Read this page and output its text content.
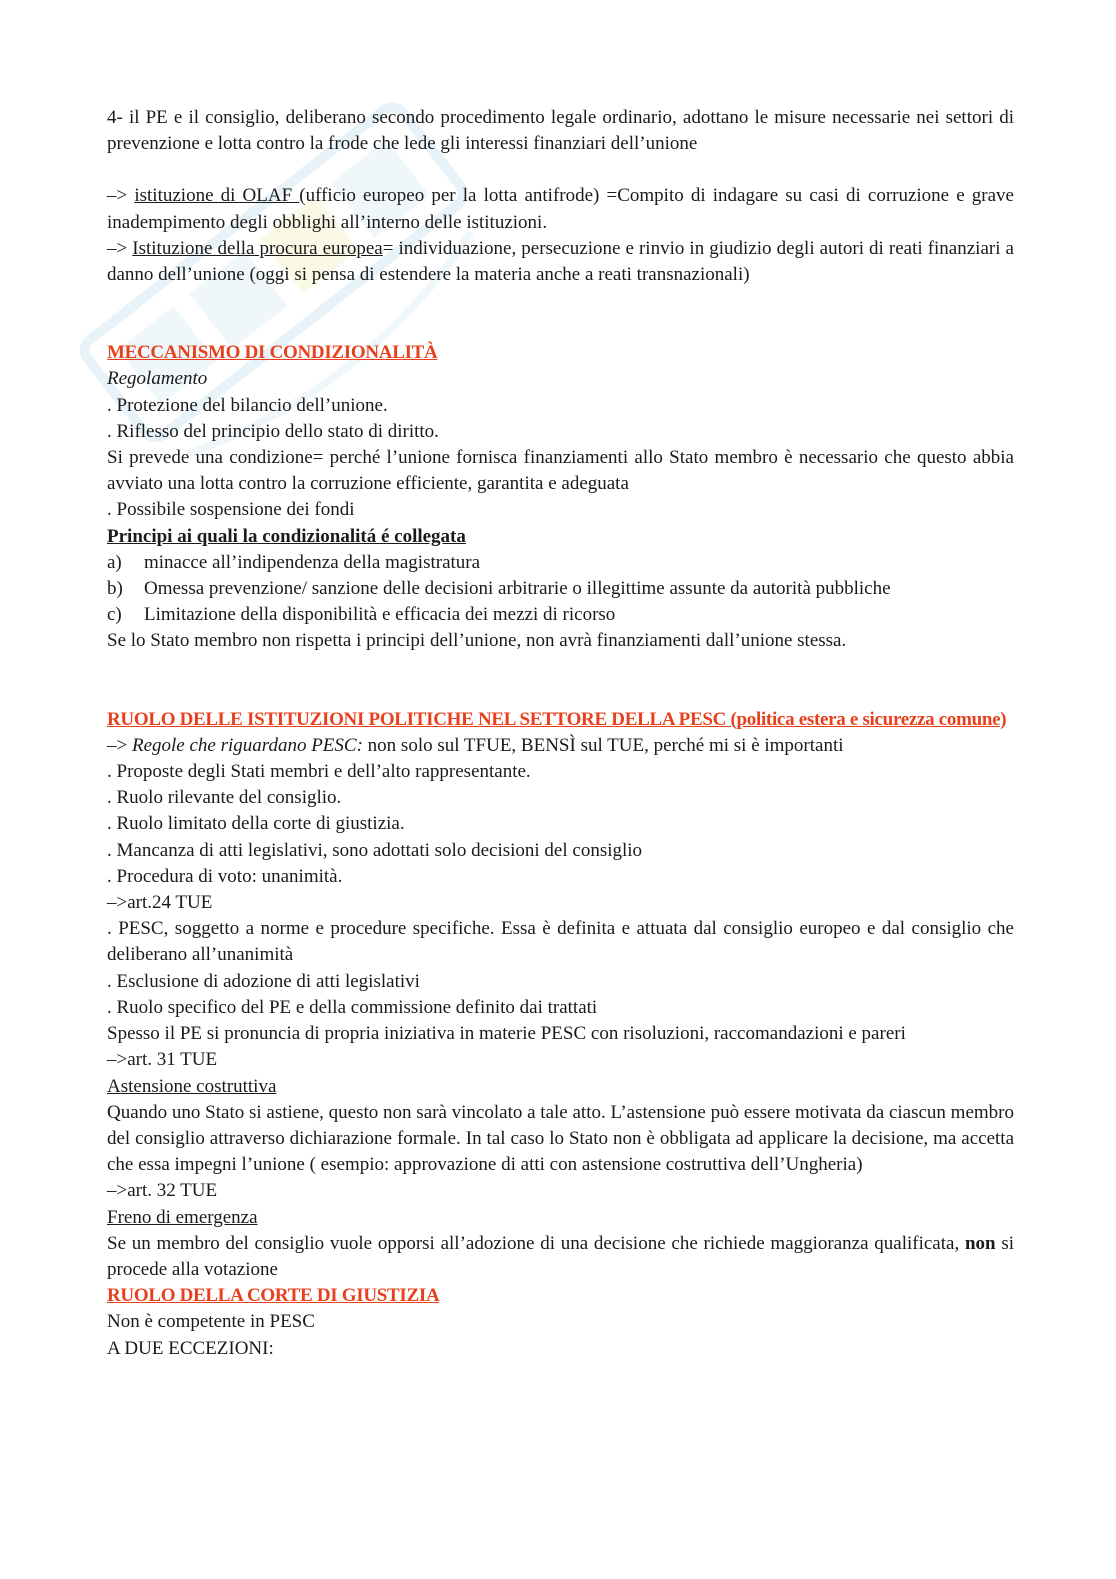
4- il PE e il consiglio, deliberano secondo procedimento legale ordinario, adottano le misure necessarie nei settori di prevenzione e lotta contro la frode che lede gli interessi finanziari dell’unione

–> istituzione di OLAF (ufficio europeo per la lotta antifrode) =Compito di indagare su casi di corruzione e grave inadempimento degli obblighi all’interno delle istituzioni.

–> Istituzione della procura europea= individuazione, persecuzione e rinvio in giudizio degli autori di reati finanziari a danno dell’unione (oggi si pensa di estendere la materia anche a reati transnazionali)

MECCANISMO DI CONDIZIONALITÀ

Regolamento

. Protezione del bilancio dell’unione.

. Riflesso del principio dello stato di diritto.

Si prevede una condizione= perché l’unione fornisca finanziamenti allo Stato membro è necessario che questo abbia avviato una lotta contro la corruzione efficiente, garantita e adeguata

. Possibile sospensione dei fondi

Principi ai quali la condizionalitá é collegata

a)	minacce all’indipendenza della magistratura
b)	Omessa prevenzione/ sanzione delle decisioni arbitrarie o illegittime assunte da autorità pubbliche
c)	Limitazione della disponibilità e efficacia dei mezzi di ricorso

Se lo Stato membro non rispetta i principi dell’unione, non avrà finanziamenti dall’unione stessa.

RUOLO DELLE ISTITUZIONI POLITICHE NEL SETTORE DELLA PESC (politica estera e sicurezza comune)

–> Regole che riguardano PESC: non solo sul TFUE, BENSÌ sul TUE, perché mi si è importanti

. Proposte degli Stati membri e dell’alto rappresentante.

. Ruolo rilevante del consiglio.

. Ruolo limitato della corte di giustizia.

. Mancanza di atti legislativi, sono adottati solo decisioni del consiglio

. Procedura di voto: unanimità.

–>art.24 TUE

. PESC, soggetto a norme e procedure specifiche. Essa è definita e attuata dal consiglio europeo e dal consiglio che deliberano all’unanimità

. Esclusione di adozione di atti legislativi

. Ruolo specifico del PE e della commissione definito dai trattati

Spesso il PE si pronuncia di propria iniziativa in materie PESC con risoluzioni, raccomandazioni e pareri

–>art. 31 TUE

Astensione costruttiva

Quando uno Stato si astiene, questo non sarà vincolato a tale atto. L’astensione può essere motivata da ciascun membro del consiglio attraverso dichiarazione formale. In tal caso lo Stato non è obbligata ad applicare la decisione, ma accetta che essa impegni l’unione ( esempio: approvazione di atti con astensione costruttiva dell’Ungheria)

–>art. 32 TUE

Freno di emergenza

Se un membro del consiglio vuole opporsi all’adozione di una decisione che richiede maggioranza qualificata, non si procede alla votazione

RUOLO DELLA CORTE DI GIUSTIZIA

Non è competente in PESC

A DUE ECCEZIONI:
